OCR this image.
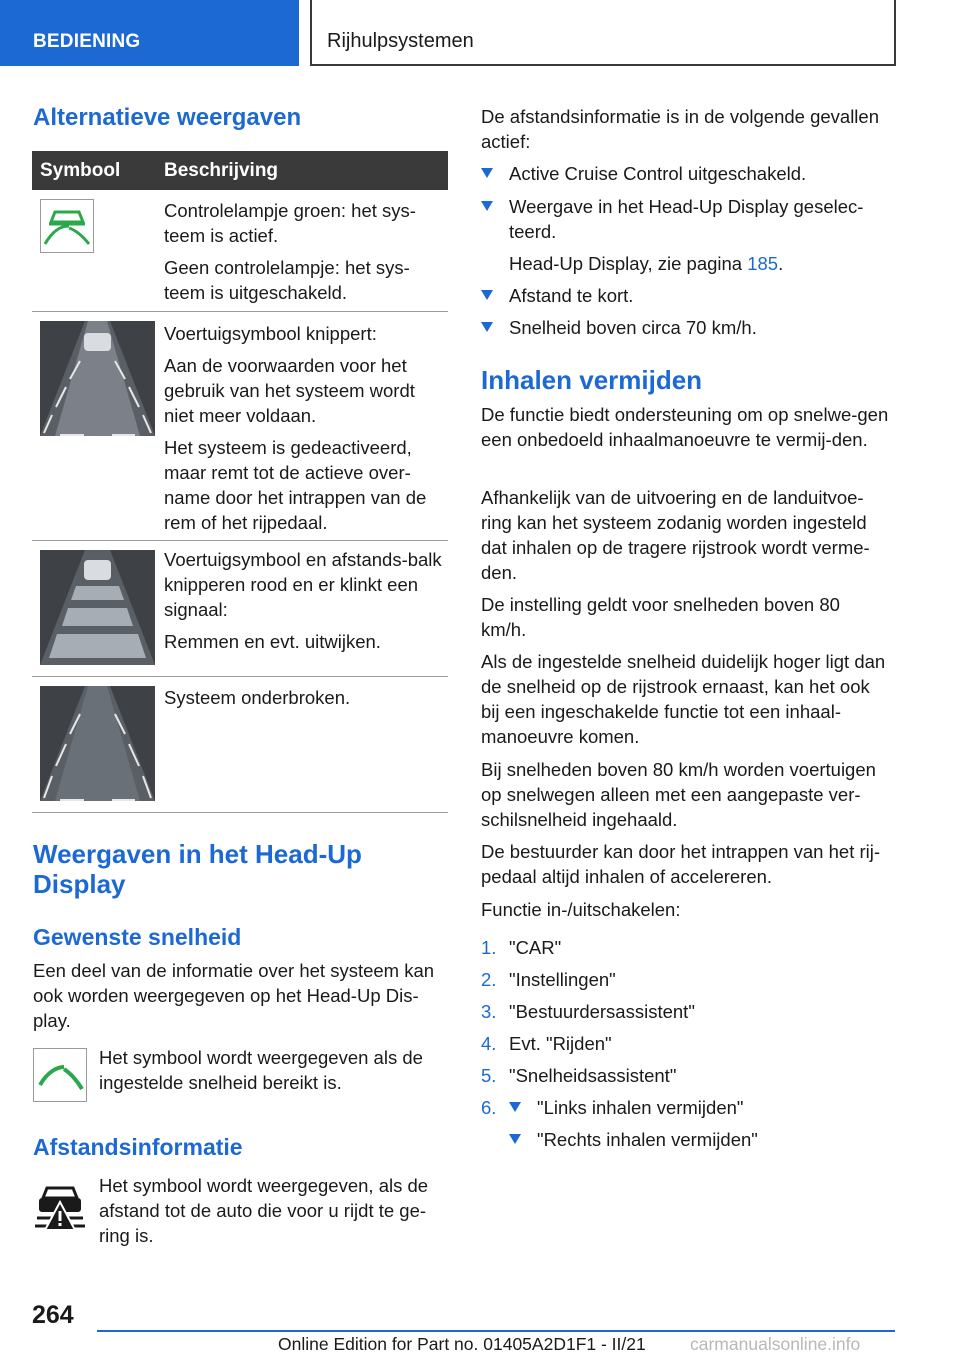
BEDIENING	Rijhulpsystemen
Alternatieve weergaven
Symbool Beschrijving

Controlelampje groen: het sys-teem is actief.

Geen controlelampje: het sys-teem is uitgeschakeld.

Voertuigsymbool knippert:

Aan de voorwaarden voor het gebruik van het systeem wordt niet meer voldaan.

Het systeem is gedeactiveerd, maar remt tot de actieve over-name door het intrappen van de rem of het rijpedaal.

Voertuigsymbool en afstands-balk knipperen rood en er klinkt een signaal:

Remmen en evt. uitwijken.

Systeem onderbroken.

Weergaven in het Head-Up Display
Gewenste snelheid
Een deel van de informatie over het systeem kan ook worden weergegeven op het Head-Up Dis-play.
Het symbool wordt weergegeven als de ingestelde snelheid bereikt is.
Afstandsinformatie
Het symbool wordt weergegeven, als de afstand tot de auto die voor u rijdt te ge-ring is.
De afstandsinformatie is in de volgende gevallen actief:
Active Cruise Control uitgeschakeld.
Weergave in het Head-Up Display geselec-teerd.
Head-Up Display, zie pagina 185.
Afstand te kort.
Snelheid boven circa 70 km/h.
Inhalen vermijden
De functie biedt ondersteuning om op snelwe-gen een onbedoeld inhaalmanoeuvre te vermij-den.
Afhankelijk van de uitvoering en de landuitvoe-ring kan het systeem zodanig worden ingesteld dat inhalen op de tragere rijstrook wordt verme-den.
De instelling geldt voor snelheden boven 80 km/h.
Als de ingestelde snelheid duidelijk hoger ligt dan de snelheid op de rijstrook ernaast, kan het ook bij een ingeschakelde functie tot een inhaal-manoeuvre komen.
Bij snelheden boven 80 km/h worden voertuigen op snelwegen alleen met een aangepaste ver-schilsnelheid ingehaald.
De bestuurder kan door het intrappen van het rij-pedaal altijd inhalen of accelereren.
Functie in-/uitschakelen:
1. "CAR"
2. "Instellingen"
3. "Bestuurdersassistent"
4. Evt. "Rijden"
5. "Snelheidsassistent"
6. "Links inhalen vermijden"
"Rechts inhalen vermijden"
264
Online Edition for Part no. 01405A2D1F1 - II/21	carmanualsonline.info
